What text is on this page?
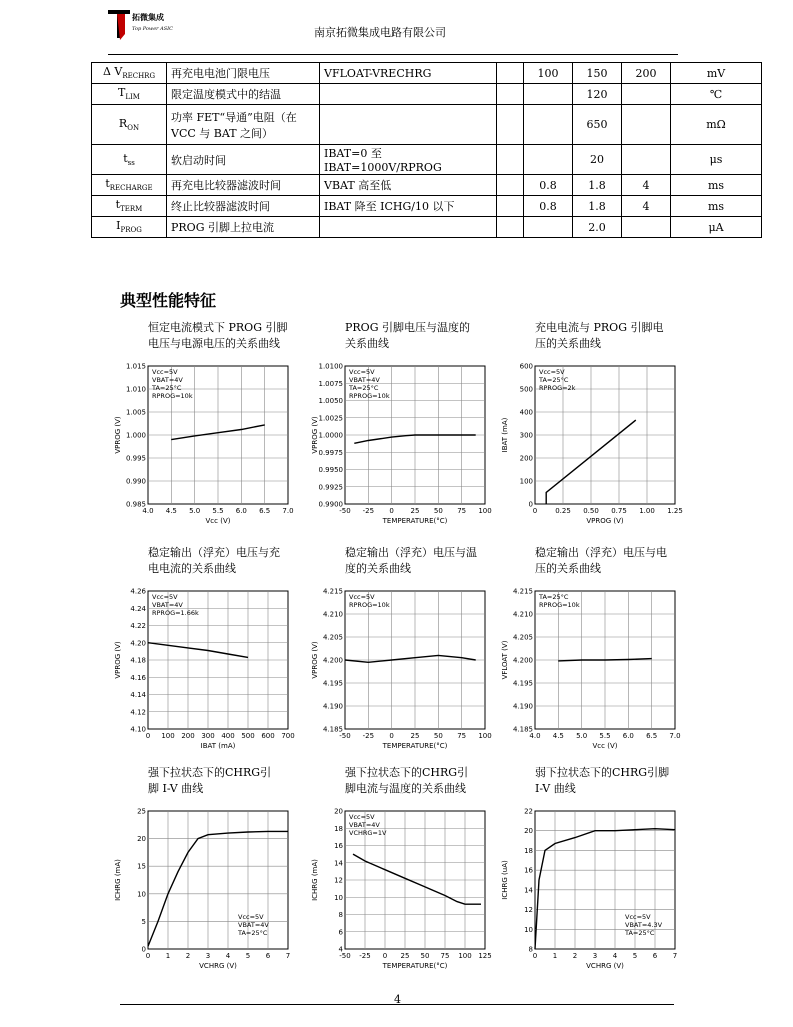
拓微集成
Top Power ASIC	南京拓微集成电路有限公司
Δ $V_{RECHRG}$	再充电电池门限电压	VFLOAT-VRECHRG		100	150	200	mV
$T_{LIM}$	限定温度模式中的结温				120		℃
$R_{ON}$	功率 FET“导通”电阻（在 VCC 与 BAT 之间）				650		mΩ
$t_{ss}$	软启动时间	IBAT=0 至 IBAT=1000V/RPROG			20		μs
$t_{RECHARGE}$	再充电比较器滤波时间	VBAT 高至低		0.8	1.8	4	ms
$t_{TERM}$	终止比较器滤波时间	IBAT 降至 ICHG/10 以下		0.8	1.8	4	ms
$I_{PROG}$	PROG 引脚上拉电流				2.0		μA
典型性能特征
恒定电流模式下 PROG 引脚
电压与电源电压的关系曲线
4.0 4.5 5.0 5.5 6.0 6.5 7.0
0.985
0.990
0.995
1.000
1.005
1.010
1.015
Vcc (V)
VPROG (V)
Vcc=5V
VBAT=4V
TA=25°C
RPROG=10k
PROG 引脚电压与温度的
关系曲线
-50 -25 0 25 50 75 100
0.9900
0.9925
0.9950
0.9975
1.0000
1.0025
1.0050
1.0075
1.0100
TEMPERATURE(°C)
VPROG (V)
Vcc=5V
VBAT=4V
TA=25°C
RPROG=10k
充电电流与 PROG 引脚电
压的关系曲线
0	0.25 0.50 0.75 1.00 1.25
0
100
200
300
400
500
600
VPROG (V)
IBAT (mA)
Vcc=5V
TA=25°C
RPROG=2k
稳定输出（浮充）电压与充
电电流的关系曲线
0 100 200 300 400 500 600 700
4.10
4.12
4.14
4.16
4.18
4.20
4.22
4.24
4.26
IBAT (mA)
VPROG (V)
Vcc=5V
VBAT=4V
RPROG=1.66k
稳定输出（浮充）电压与温
度的关系曲线
-50 -25 0 25 50 75 100
4.185
4.190
4.195
4.200
4.205
4.210
4.215
TEMPERATURE(°C)
VPROG (V)
Vcc=5V
RPROG=10k
稳定输出（浮充）电压与电
压的关系曲线
4.0 4.5 5.0 5.5 6.0 6.5 7.0
4.185
4.190
4.195
4.200
4.205
4.210
4.215
Vcc (V)
VFLOAT (V)
TA=25°C
RPROG=10k
强下拉状态下的CHRG引
脚 I-V 曲线
0 1 2 3 4 5 6 7
0
5
10
15
20
25
VCHRG (V)
ICHRG (mA)
Vcc=5V
VBAT=4V
TA=25°C
强下拉状态下的CHRG引
脚电流与温度的关系曲线
-50 -25 0 25 50 75 100 125
4
6
8
10
12
14
16
18
20
TEMPERATURE(°C)
ICHRG (mA)
Vcc=5V
VBAT=4V
VCHRG=1V
弱下拉状态下的CHRG引脚
I-V 曲线
0 1 2 3 4 5 6 7
8
10
12
14
16
18
20
22
VCHRG (V)
ICHRG (uA)
Vcc=5V
VBAT=4.3V
TA=25°C
4
